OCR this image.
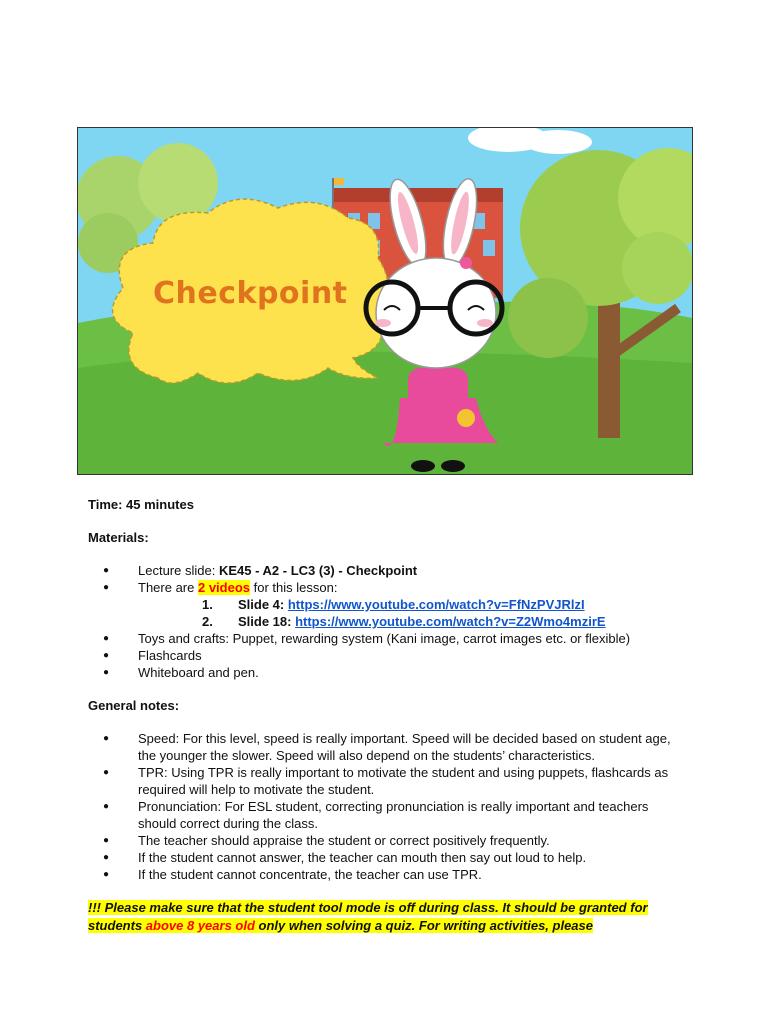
Checkpoint

Time: 45 minutes

Materials:

● Lecture slide: KE45 - A2 - LC3 (3) - Checkpoint
● There are 2 videos for this lesson:
1. Slide 4: https://www.youtube.com/watch?v=FfNzPVJRlzI
2. Slide 18: https://www.youtube.com/watch?v=Z2Wmo4mzirE
● Toys and crafts: Puppet, rewarding system (Kani image, carrot images etc. or flexible)
● Flashcards
● Whiteboard and pen.

General notes:

● Speed: For this level, speed is really important. Speed will be decided based on student age, the younger the slower. Speed will also depend on the students’ characteristics.
● TPR: Using TPR is really important to motivate the student and using puppets, flashcards as required will help to motivate the student.
● Pronunciation: For ESL student, correcting pronunciation is really important and teachers should correct during the class.
● The teacher should appraise the student or correct positively frequently.
● If the student cannot answer, the teacher can mouth then say out loud to help.
● If the student cannot concentrate, the teacher can use TPR.

!!! Please make sure that the student tool mode is off during class. It should be granted for students above 8 years old only when solving a quiz. For writing activities, please
